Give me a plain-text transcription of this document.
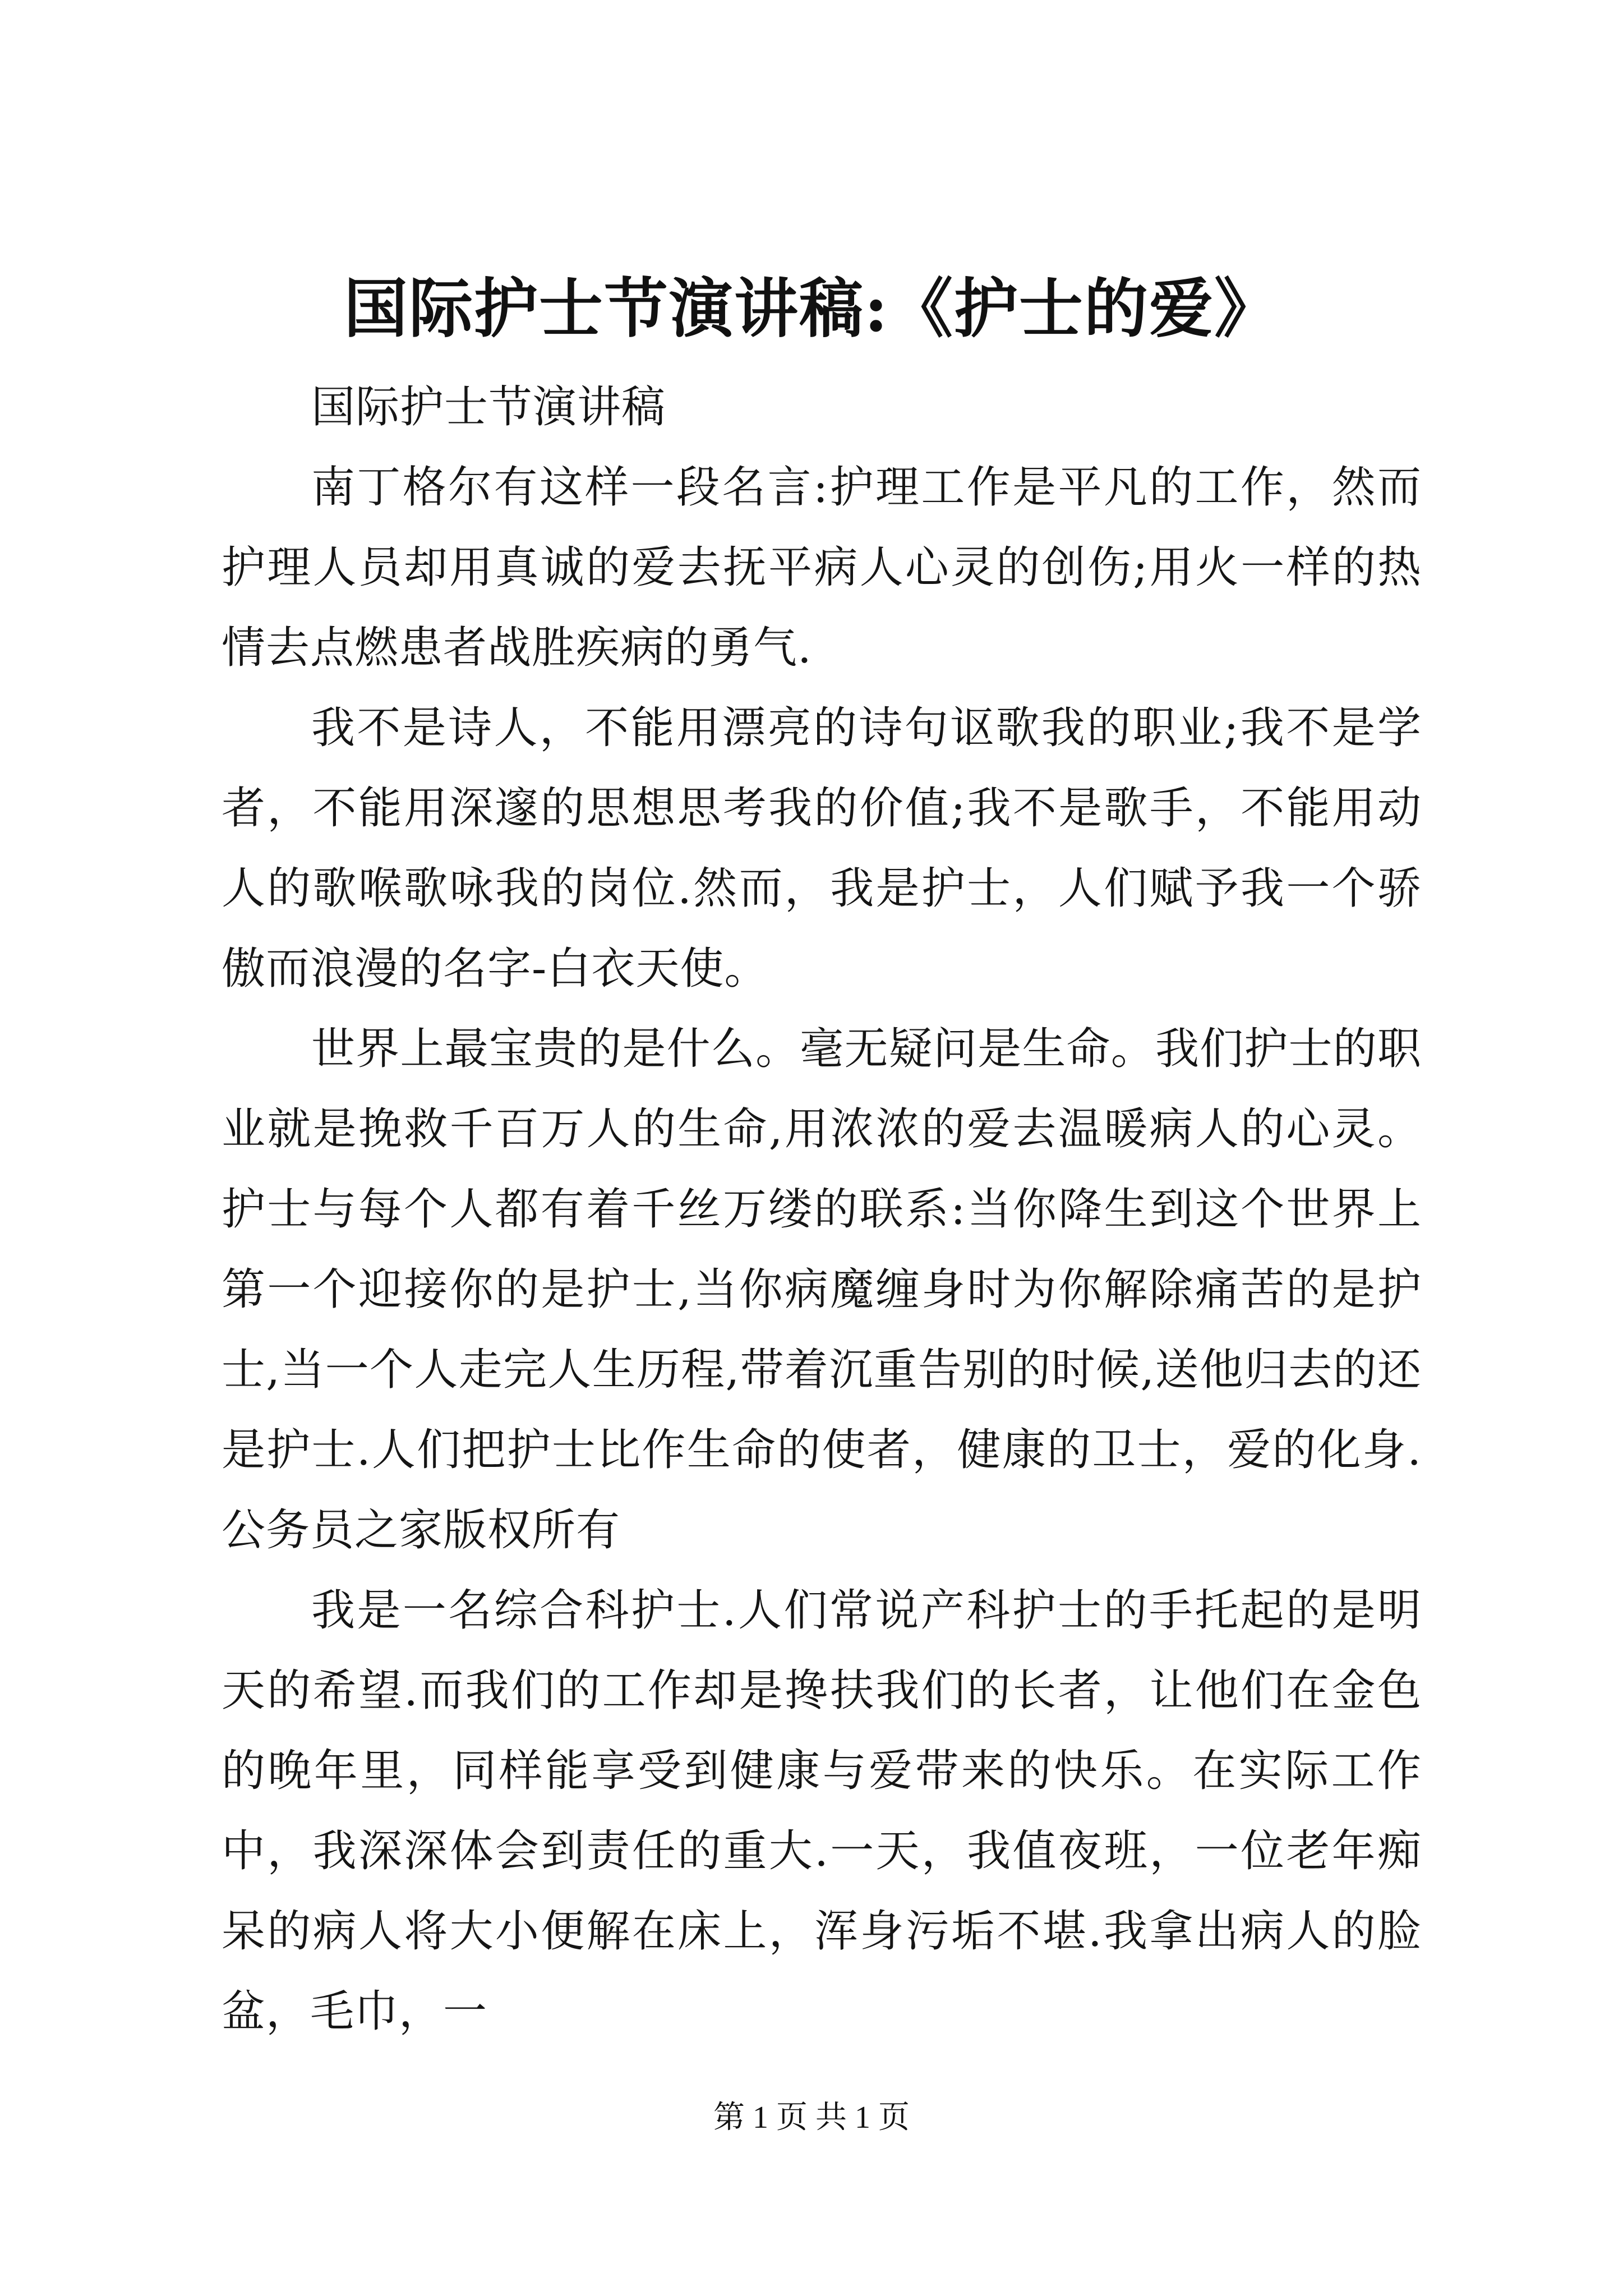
国际护士节演讲稿:《护士的爱》

国际护士节演讲稿

南丁格尔有这样一段名言:护理工作是平凡的工作，然而护理人员却用真诚的爱去抚平病人心灵的创伤;用火一样的热情去点燃患者战胜疾病的勇气.

我不是诗人，不能用漂亮的诗句讴歌我的职业;我不是学者，不能用深邃的思想思考我的价值;我不是歌手，不能用动人的歌喉歌咏我的岗位.然而，我是护士，人们赋予我一个骄傲而浪漫的名字-白衣天使。

世界上最宝贵的是什么。毫无疑问是生命。我们护士的职业就是挽救千百万人的生命,用浓浓的爱去温暖病人的心灵。护士与每个人都有着千丝万缕的联系:当你降生到这个世界上第一个迎接你的是护士,当你病魔缠身时为你解除痛苦的是护士,当一个人走完人生历程,带着沉重告别的时候,送他归去的还是护士.人们把护士比作生命的使者，健康的卫士，爱的化身.公务员之家版权所有

我是一名综合科护士.人们常说产科护士的手托起的是明天的希望.而我们的工作却是搀扶我们的长者，让他们在金色的晚年里，同样能享受到健康与爱带来的快乐。在实际工作中，我深深体会到责任的重大.一天，我值夜班，一位老年痴呆的病人将大小便解在床上，浑身污垢不堪.我拿出病人的脸盆，毛巾，一

第 1 页 共 1 页
